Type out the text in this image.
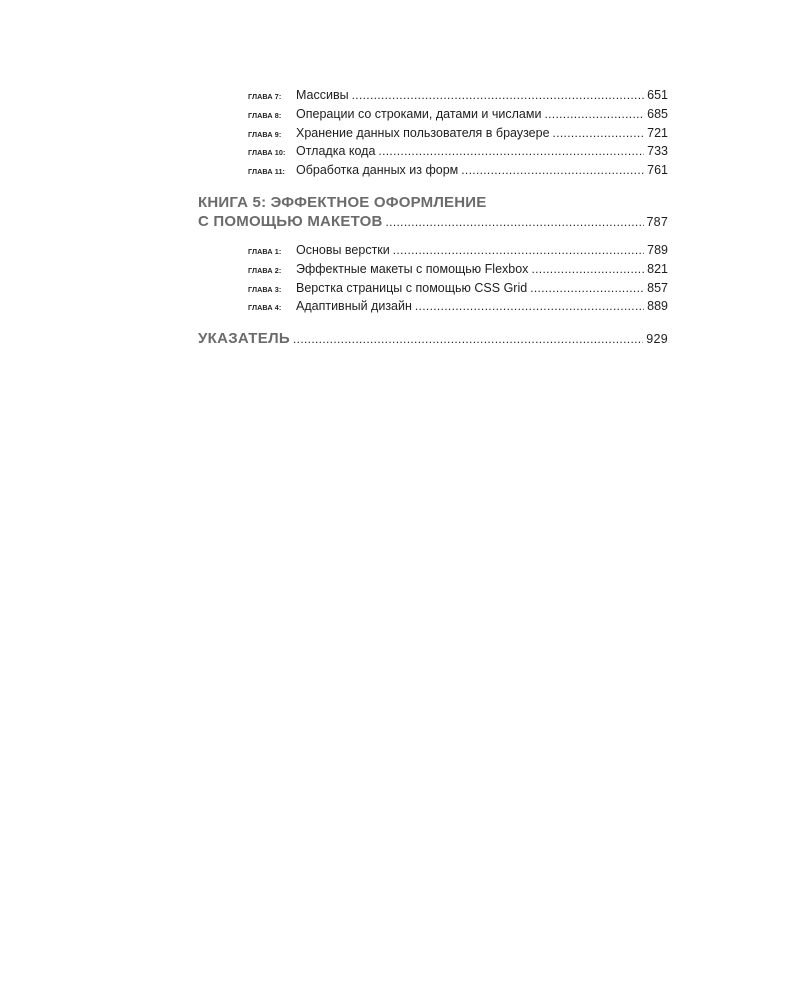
ГЛАВА 7:	Массивы . . .	651
ГЛАВА 8:	Операции со строками, датами и числами . . .	685
ГЛАВА 9:	Хранение данных пользователя в браузере . . .	721
ГЛАВА 10: Отладка кода . . .	733
ГЛАВА 11: Обработка данных из форм . . .	761
КНИГА 5: ЭФФЕКТНОЕ ОФОРМЛЕНИЕ
С ПОМОЩЬЮ МАКЕТОВ . . .	787
ГЛАВА 1:	Основы верстки . . .	789
ГЛАВА 2:	Эффектные макеты с помощью Flexbox . . .	821
ГЛАВА 3:	Верстка страницы с помощью CSS Grid . . .	857
ГЛАВА 4:	Адаптивный дизайн . . .	889
УКАЗАТЕЛЬ . . .	929
